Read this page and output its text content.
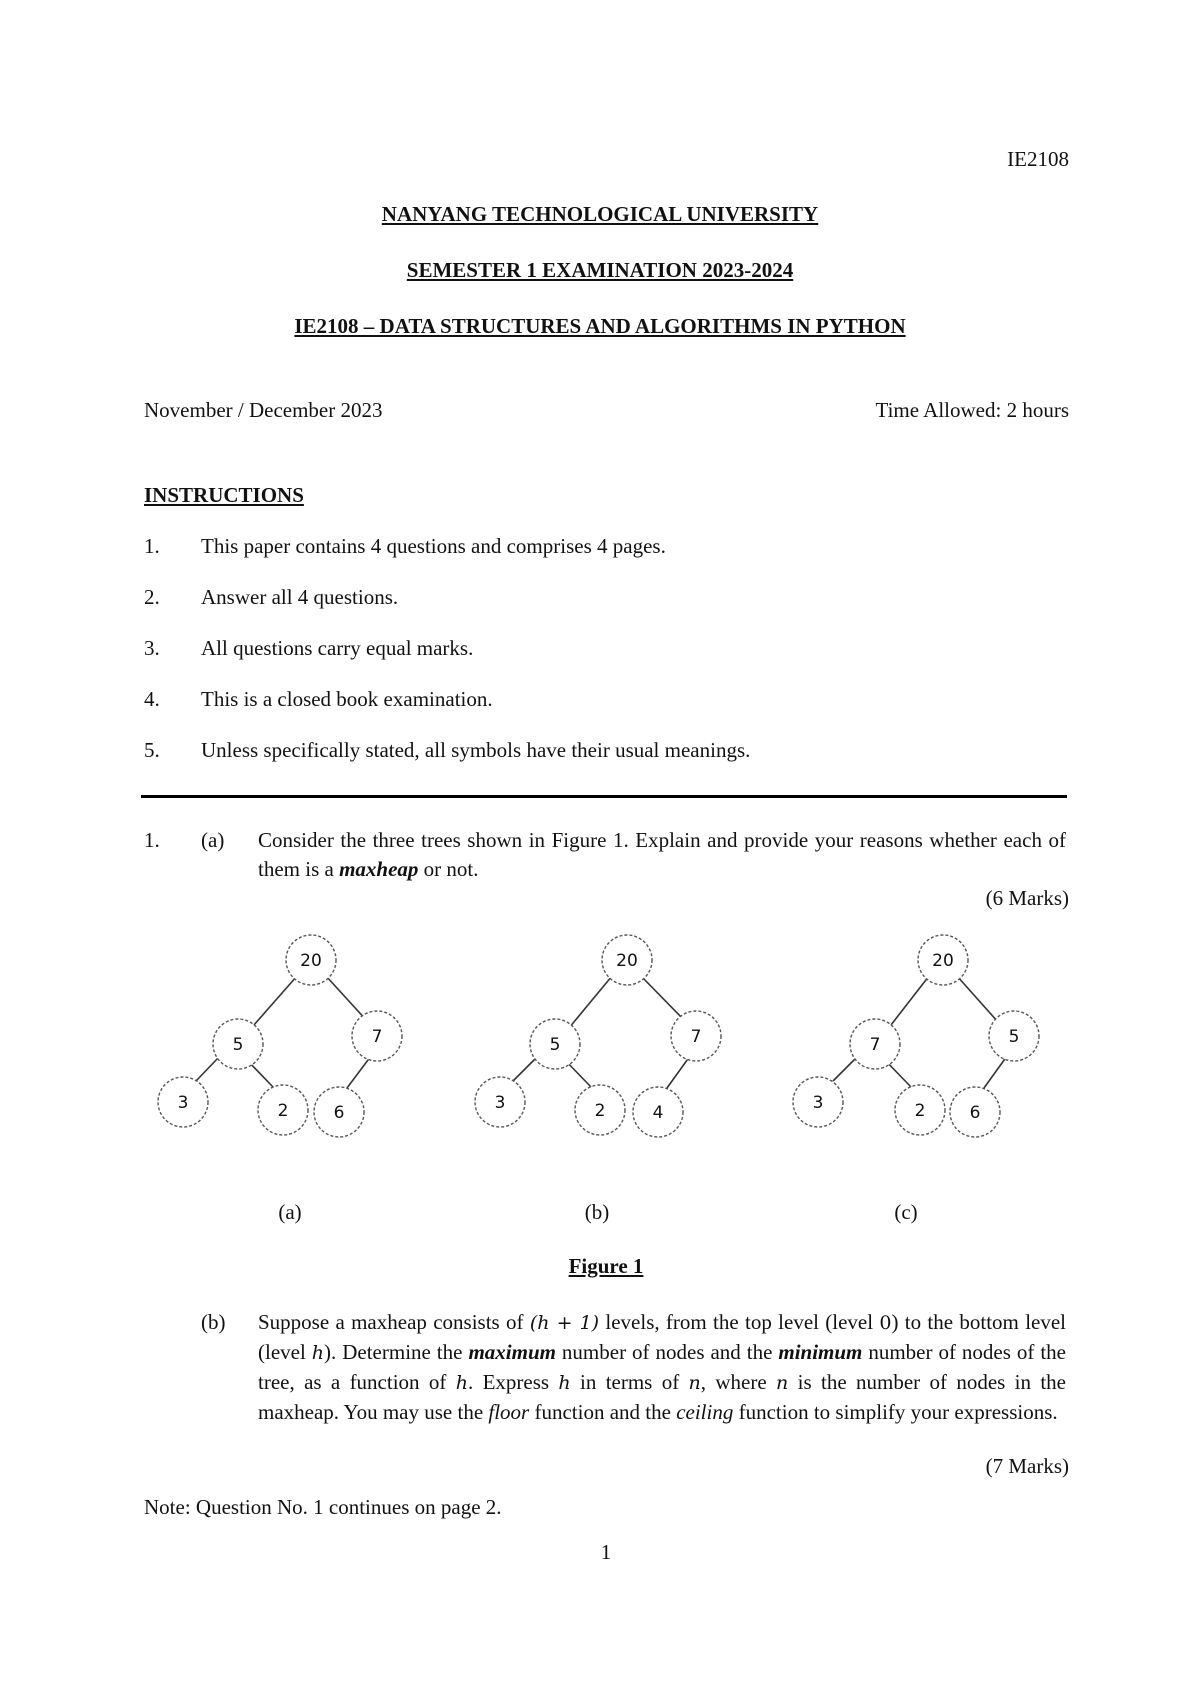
IE2108
NANYANG TECHNOLOGICAL UNIVERSITY
SEMESTER 1 EXAMINATION 2023-2024
IE2108 – DATA STRUCTURES AND ALGORITHMS IN PYTHON
November / December 2023	Time Allowed: 2 hours
INSTRUCTIONS
1. This paper contains 4 questions and comprises 4 pages.
2. Answer all 4 questions.
3. All questions carry equal marks.
4. This is a closed book examination.
5. Unless specifically stated, all symbols have their usual meanings.
1. (a) Consider the three trees shown in Figure 1. Explain and provide your reasons whether each of them is a maxheap or not.
(6 Marks)
20
5	7
3	2	6
20
5	7
3	2	4
20
7	5
3	2	6
(a)	(b)	(c)
Figure 1
(b) Suppose a maxheap consists of (h + 1) levels, from the top level (level 0) to the bottom level (level h). Determine the maximum number of nodes and the minimum number of nodes of the tree, as a function of h. Express h in terms of n, where n is the number of nodes in the maxheap. You may use the floor function and the ceiling function to simplify your expressions.
(7 Marks)
Note: Question No. 1 continues on page 2.
1
